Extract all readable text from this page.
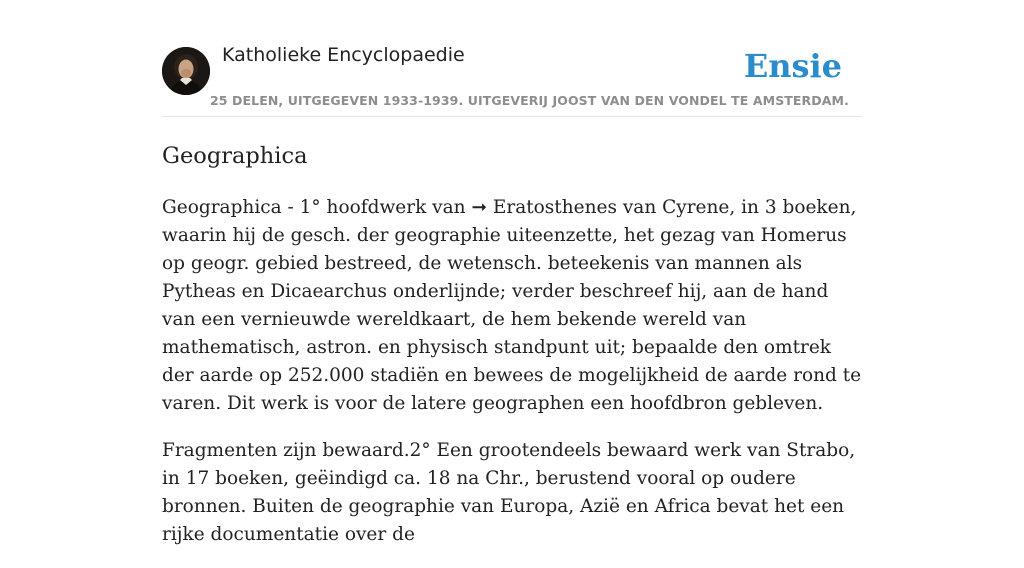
Katholieke Encyclopaedie
25 DELEN, UITGEGEVEN 1933-1939. UITGEVERIJ JOOST VAN DEN VONDEL TE AMSTERDAM.
Ensie
Geographica

Geographica - 1° hoofdwerk van ➞ Eratosthenes van Cyrene, in 3 boeken, waarin hij de gesch. der geographie uiteenzette, het gezag van Homerus op geogr. gebied bestreed, de wetensch. beteekenis van mannen als Pytheas en Dicaearchus onderlijnde; verder beschreef hij, aan de hand van een vernieuwde wereldkaart, de hem bekende wereld van mathematisch, astron. en physisch standpunt uit; bepaalde den omtrek der aarde op 252.000 stadiën en bewees de mogelijkheid de aarde rond te varen. Dit werk is voor de latere geographen een hoofdbron gebleven.

Fragmenten zijn bewaard.2° Een grootendeels bewaard werk van Strabo, in 17 boeken, geëindigd ca. 18 na Chr., berustend vooral op oudere bronnen. Buiten de geographie van Europa, Azië en Africa bevat het een rijke documentatie over de
